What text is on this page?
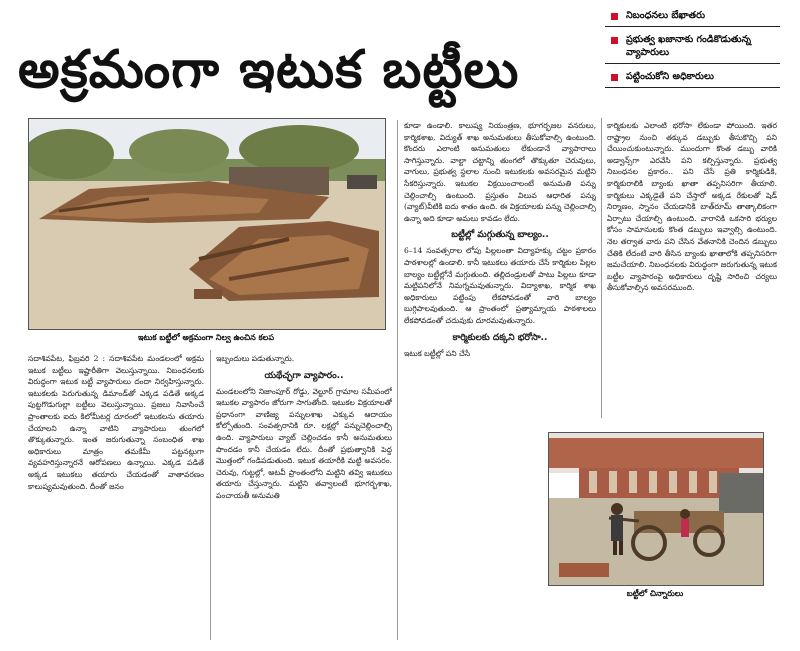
అక్రమంగా ఇటుక బట్టీలు
నిబంధనలు బేఖాతరు
ప్రభుత్వ ఖజానాకు గండికొడుతున్న వ్యాపారులు
పట్టించుకోని అధికారులు
ఇటుక బట్టీలో అక్రమంగా నిల్వ ఉంచిన కలప

సదాశివపేట, ఫిబ్రవరి 2 : సదాశివపేట మండలంలో అక్రమ ఇటుక బట్టీలు ఇష్టారీతిగా వెలుస్తున్నాయి. నిబంధనలకు విరుద్ధంగా ఇటుక బట్టీ వ్యాపారులు దందా నిర్వహిస్తున్నారు. ఇటుకలకు పెరుగుతున్న డిమాండ్‌తో ఎక్కడ పడితే అక్కడ పుట్టగొడుగుల్లా బట్టీలు వెలుస్తున్నాయి. ప్రజలు నివాసించే ప్రాంతాలకు ఐదు కిలోమీటర్ల దూరంలో ఇటుకలను తయారు చేయాలని ఉన్నా వాటిని వ్యాపారులు తుంగలో తొక్కుతున్నారు. ఇంత జరుగుతున్నా సంబంధిత శాఖ అధికారులు మాత్రం తమకేమీ పట్టనట్లుగా వ్యవహరిస్తున్నారనే ఆరోపణలు ఉన్నాయి. ఎక్కడ పడితే అక్కడ ఇటుకలు తయారు చేయడంతో వాతావరణం కాలుష్యమవుతుంది. దీంతో జనం

ఇబ్బందులు పడుతున్నారు.

యథేచ్ఛగా వ్యాపారం..

మండలంలోని నిజాంపూర్ రోడ్డు, వెల్టూర్ గ్రామాల సమీపంలో ఇటుకల వ్యాపారం జోరుగా సాగుతోంది. ఇటుకల విక్రయాలతో ప్రధానంగా వాణిజ్య పన్నులశాఖ ఎక్కువ ఆదాయం కోల్పోతుంది. సంవత్సరానికి రూ. లక్షల్లో పన్నుచెల్లించాల్సి ఉంది. వ్యాపారులు వ్యాట్ చెల్లించడం కానీ అనుమతులు పొందడం కానీ చేయడం లేదు. దీంతో ప్రభుత్వానికి పెద్ద మొత్తంలో గండిపడుతుంది. ఇటుక తయారీకి మట్టి అవసరం. చెరువు, గుట్టల్లో, అటవీ ప్రాంతంలోని మట్టిని తవ్వి ఇటుకలు తయారు చేస్తున్నారు. మట్టిని తవ్వాలంటే భూగర్భశాఖ, పంచాయతీ అనుమతి

కూడా ఉండాలి. కాలుష్య నియంత్రణ, భూగర్భజల వనరులు, కార్మికశాఖ, విద్యుత్ శాఖ అనుమతులు తీసుకోవాల్సి ఉంటుంది. కొందరు ఎలాంటి అనుమతులు లేకుండానే వ్యాపారాలు సాగిస్తున్నారు. వాల్టా చట్టాన్ని తుంగలో తొక్కుతూ చెరువులు, వాగులు, ప్రభుత్వ స్థలాల నుంచి ఇటుకలకు అవసరమైన మట్టిని సేకరిస్తున్నారు. ఇటుకల విక్రయించాలంటే అనుమతి పన్ను చెల్లించాల్సి ఉంటుంది. ప్రస్తుతం విలువ ఆధారిత పన్ను (వ్యాట్)వీటికి ఐదు శాతం ఉంది. ఈ విక్రయాలకు పన్ను చెల్లించాల్సి ఉన్నా అది కూడా అమలు కావడం లేదు.

బట్టీల్లో మగ్గుతున్న బాల్యం..

6–14 సంవత్సరాల లోపు పిల్లలంతా విద్యాహక్కు చట్టం ప్రకారం పాఠశాలల్లో ఉండాలి. కానీ ఇటుకలు తయారు చేసే కార్మికుల పిల్లల బాల్యం బట్టీల్లోనే మగ్గుతుంది. తల్లిదండ్రులతో పాటు పిల్లలు కూడా మట్టిపనిలోనే నిమగ్నమవుతున్నారు. విద్యాశాఖ, కార్మిక శాఖ అధికారులు పట్టింపు లేకపోవడంతో వారి బాల్యం బుగ్గిపాలవుతుంది. ఆ ప్రాంతంలో ప్రత్యామ్నాయ పాఠశాలలు లేకపోవడంతో చదువుకు దూరమవుతున్నారు.

కార్మికులకు దక్కని భరోసా..

ఇటుక బట్టీల్లో పని చేసే

కార్మికులకు ఎలాంటి భరోసా లేకుండా పోయింది. ఇతర రాష్ట్రాల నుంచి తక్కువ డబ్బుకు తీసుకొచ్చి పని చేయించుకుంటున్నారు. ముందుగా కొంత డబ్బు వారికి అడ్వాన్స్‌గా ఎరవేసి పని కల్పిస్తున్నారు. ప్రభుత్వ నిబంధనల ప్రకారం.. పని చేసే ప్రతి కార్మికుడికి, కార్మికురాలికి బ్యాంకు ఖాతా తప్పనిసరిగా తీయాలి. కార్మికులు ఎక్కడైతే పని చేస్తారో అక్కడ రేకులతో షెడ్ నిర్మాణం, స్నానం చేయడానికి బాత్‌రూమ్ తాత్కాలికంగా ఏర్పాటు చేయాల్సి ఉంటుంది. వారానికి ఒకసారి భర్యుల కోసం సామానులకు కొంత డబ్బులు ఇవ్వాల్సి ఉంటుంది. నెల తర్వాత వారు పని చేసిన వేతనానికి చెందిన డబ్బులు చేతికి లేదంటే వారి తీసిన బ్యాంకు ఖాతాలోకి తప్పనిసరిగా జమచేయాలి. నిబంధనలకు విరుద్ధంగా జరుగుతున్న ఇటుక బట్టీల వ్యాపారంపై అధికారులు దృష్టి సారించి చర్యలు తీసుకోవాల్సిన అవసరముంది.

బట్టీలో చిన్నారులు
